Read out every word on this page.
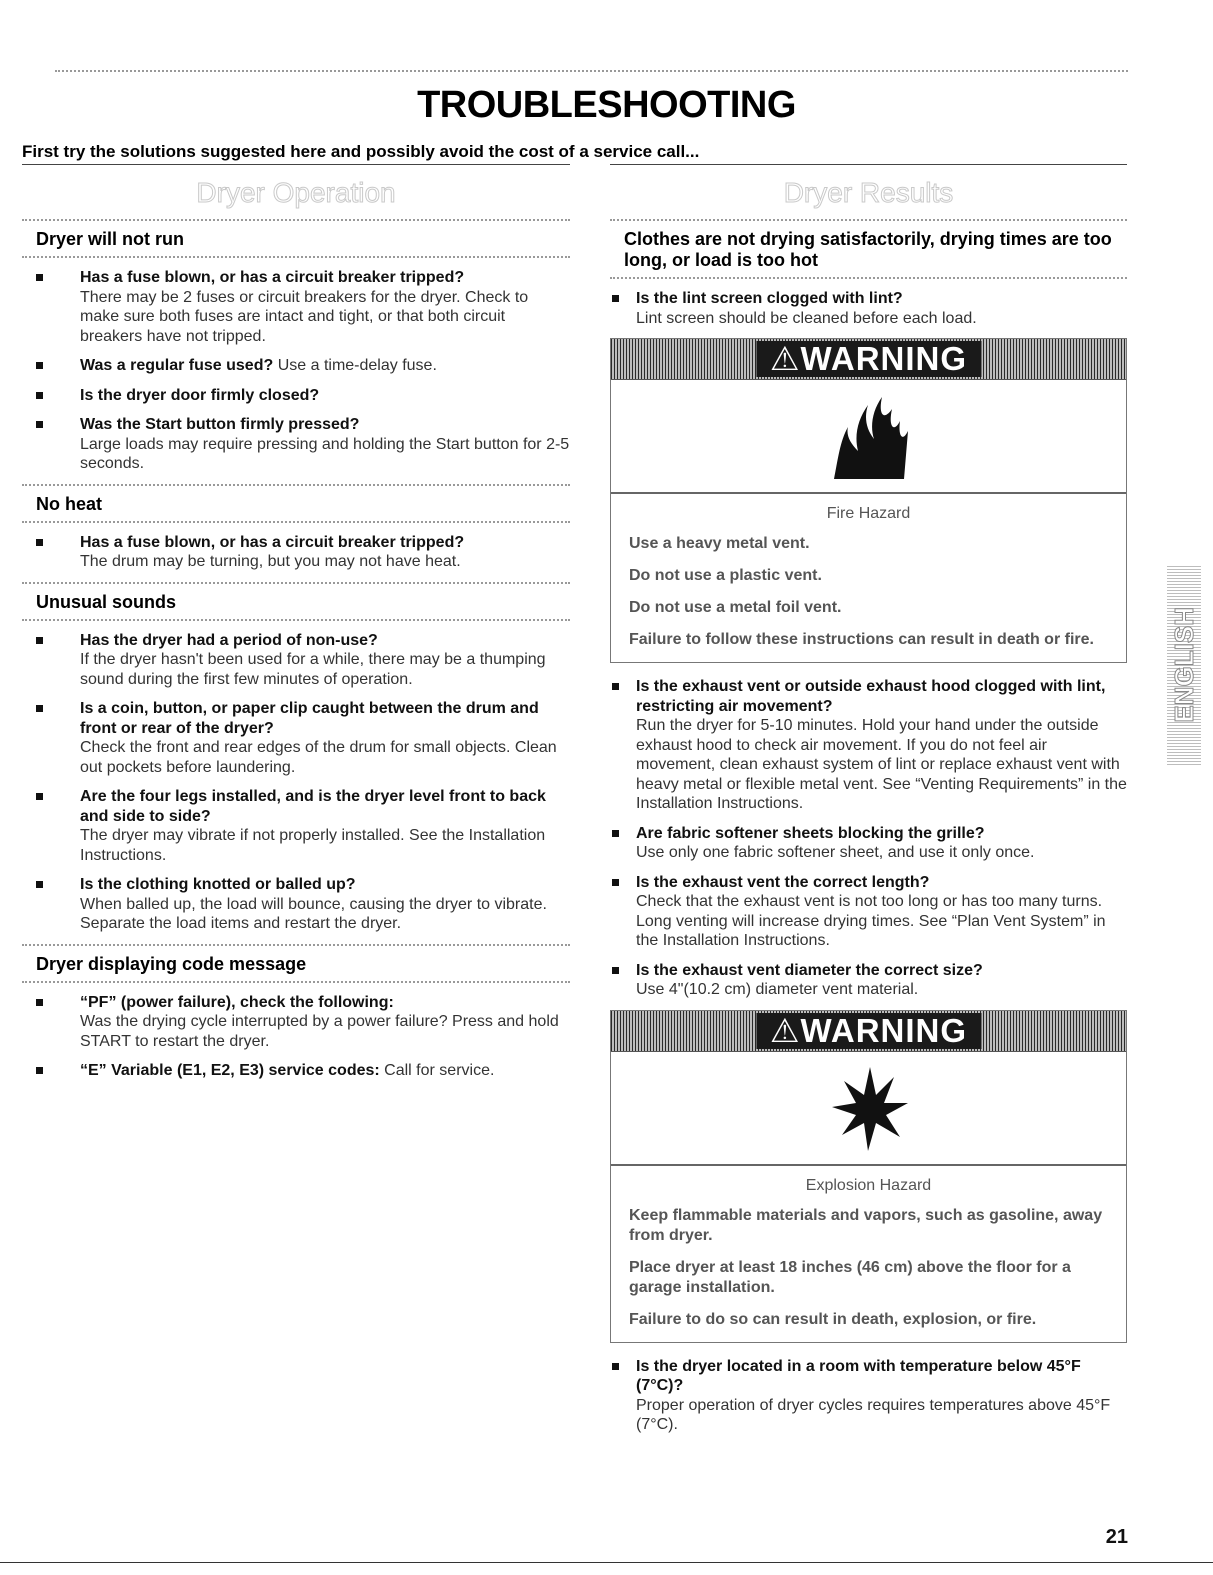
TROUBLESHOOTING
First try the solutions suggested here and possibly avoid the cost of a service call...
Dryer Operation
Dryer will not run
Has a fuse blown, or has a circuit breaker tripped?
There may be 2 fuses or circuit breakers for the dryer. Check to make sure both fuses are intact and tight, or that both circuit breakers have not tripped.
Was a regular fuse used? Use a time-delay fuse.
Is the dryer door firmly closed?
Was the Start button firmly pressed?
Large loads may require pressing and holding the Start button for 2-5 seconds.
No heat
Has a fuse blown, or has a circuit breaker tripped?
The drum may be turning, but you may not have heat.
Unusual sounds
Has the dryer had a period of non-use?
If the dryer hasn't been used for a while, there may be a thumping sound during the first few minutes of operation.
Is a coin, button, or paper clip caught between the drum and front or rear of the dryer?
Check the front and rear edges of the drum for small objects. Clean out pockets before laundering.
Are the four legs installed, and is the dryer level front to back and side to side?
The dryer may vibrate if not properly installed. See the Installation Instructions.
Is the clothing knotted or balled up?
When balled up, the load will bounce, causing the dryer to vibrate. Separate the load items and restart the dryer.
Dryer displaying code message
“PF” (power failure), check the following:
Was the drying cycle interrupted by a power failure? Press and hold START to restart the dryer.
“E” Variable (E1, E2, E3) service codes: Call for service.
Dryer Results
Clothes are not drying satisfactorily, drying times are too long, or load is too hot
Is the lint screen clogged with lint?
Lint screen should be cleaned before each load.
⚠WARNING
Fire Hazard

Use a heavy metal vent.

Do not use a plastic vent.

Do not use a metal foil vent.

Failure to follow these instructions can result in death or fire.

Is the exhaust vent or outside exhaust hood clogged with lint, restricting air movement?
Run the dryer for 5-10 minutes. Hold your hand under the outside exhaust hood to check air movement. If you do not feel air movement, clean exhaust system of lint or replace exhaust vent with heavy metal or flexible metal vent. See “Venting Requirements” in the Installation Instructions.
Are fabric softener sheets blocking the grille?
Use only one fabric softener sheet, and use it only once.
Is the exhaust vent the correct length?
Check that the exhaust vent is not too long or has too many turns. Long venting will increase drying times. See “Plan Vent System” in the Installation Instructions.
Is the exhaust vent diameter the correct size?
Use 4"(10.2 cm) diameter vent material.
⚠WARNING
Explosion Hazard

Keep flammable materials and vapors, such as gasoline, away from dryer.

Place dryer at least 18 inches (46 cm) above the floor for a garage installation.

Failure to do so can result in death, explosion, or fire.

Is the dryer located in a room with temperature below 45°F (7°C)?
Proper operation of dryer cycles requires temperatures above 45°F (7°C).
ENGLISH
21
